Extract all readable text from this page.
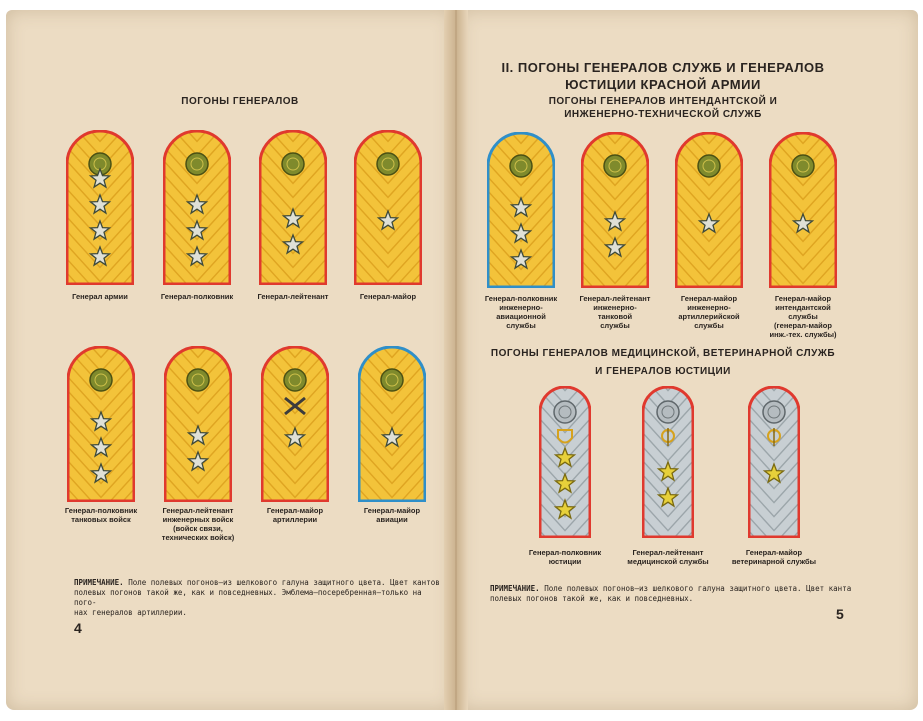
ПОГОНЫ ГЕНЕРАЛОВ
Генерал армии	Генерал-полковник	Генерал-лейтенант	Генерал-майор
Генерал-полковник
танковых войск
Генерал-лейтенант
инженерных войск
(войск связи,
технических войск)
Генерал-майор
артиллерии
Генерал-майор
авиации
ПРИМЕЧАНИЕ. Поле полевых погонов—из шелкового галуна защитного цвета. Цвет кантов
полевых погонов такой же, как и повседневных. Эмблема—посеребренная—только на пого-
нах генералов артиллерии.
4
II. ПОГОНЫ ГЕНЕРАЛОВ СЛУЖБ И ГЕНЕРАЛОВ
ЮСТИЦИИ КРАСНОЙ АРМИИ
ПОГОНЫ ГЕНЕРАЛОВ ИНТЕНДАНТСКОЙ И
ИНЖЕНЕРНО-ТЕХНИЧЕСКОЙ СЛУЖБ
Генерал-полковник
инженерно-
авиационной
службы
Генерал-лейтенант
инженерно-
танковой
службы
Генерал-майор
инженерно-
артиллерийской
службы
Генерал-майор
интендантской
службы
(генерал-майор
инж.-тех. службы)
ПОГОНЫ ГЕНЕРАЛОВ МЕДИЦИНСКОЙ, ВЕТЕРИНАРНОЙ СЛУЖБ
И ГЕНЕРАЛОВ ЮСТИЦИИ
Генерал-полковник
юстиции
Генерал-лейтенант
медицинской службы
Генерал-майор
ветеринарной службы
ПРИМЕЧАНИЕ. Поле полевых погонов—из шелкового галуна защитного цвета. Цвет канта
полевых погонов такой же, как и повседневных.
5
